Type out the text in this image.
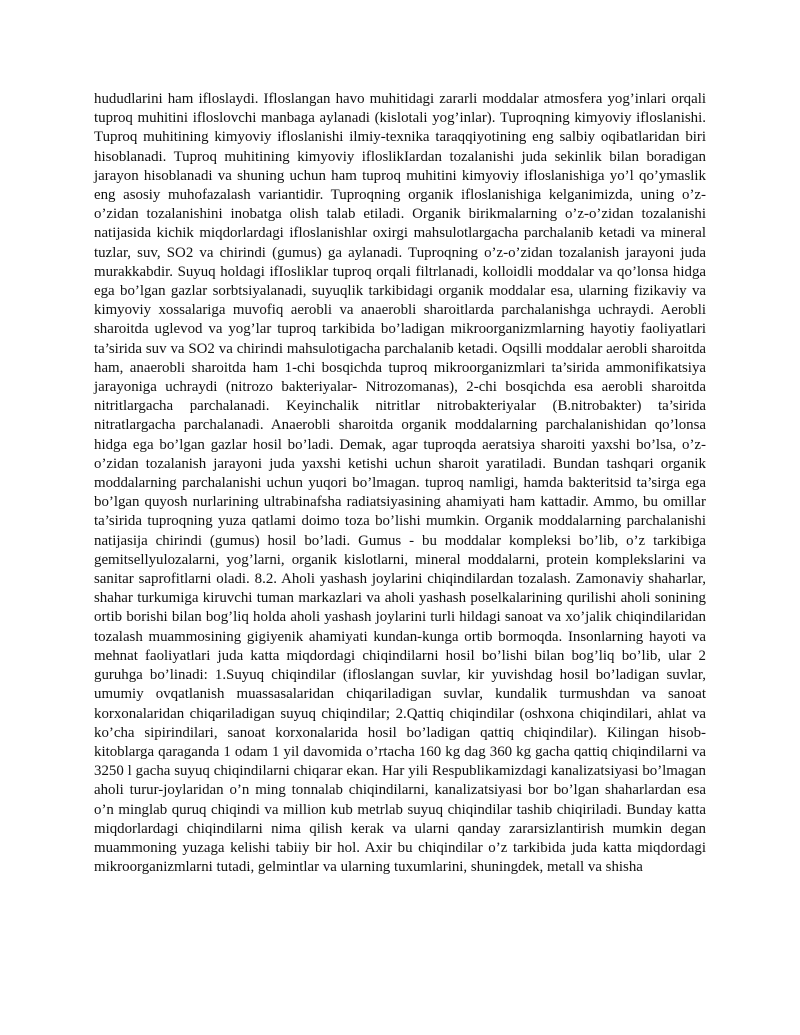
hududlarini ham ifloslaydi. Ifloslangan havo muhitidagi zararli moddalar atmosfera yog’inlari orqali tuproq muhitini ifloslovchi manbaga aylanadi (kislotali yog’inlar). Tuproqning kimyoviy ifloslanishi. Tuproq muhitining kimyoviy ifloslanishi ilmiy-texnika taraqqiyotining eng salbiy oqibatlaridan biri hisoblanadi. Tuproq muhitining kimyoviy ifloslikIardan tozalanishi juda sekinlik bilan boradigan jarayon hisoblanadi va shuning uchun ham tuproq muhitini kimyoviy ifloslanishiga yo’l qo’ymaslik eng asosiy muhofazalash variantidir. Tuproqning organik ifloslanishiga kelganimizda, uning o’z-o’zidan tozalanishini inobatga olish talab etiladi. Organik birikmalarning o’z-o’zidan tozalanishi natijasida kichik miqdorlardagi ifloslanishlar oxirgi mahsulotlargacha parchalanib ketadi va mineral tuzlar, suv, SO2 va chirindi (gumus) ga aylanadi. Tuproqning o’z-o’zidan tozalanish jarayoni juda murakkabdir. Suyuq holdagi ifIosliklar tuproq orqali filtrlanadi, kolloidli moddalar va qo’lonsa hidga ega bo’lgan gazlar sorbtsiyalanadi, suyuqlik tarkibidagi organik moddalar esa, ularning fizikaviy va kimyoviy xossalariga muvofiq aerobli va anaerobli sharoitlarda parchalanishga uchraydi. Aerobli sharoitda uglevod va yog’lar tuproq tarkibida bo’ladigan mikroorganizmlarning hayotiy faoliyatlari ta’sirida suv va SO2 va chirindi mahsulotigacha parchalanib ketadi. Oqsilli moddalar aerobli sharoitda ham, anaerobli sharoitda ham 1-chi bosqichda tuproq mikroorganizmlari ta’sirida ammonifikatsiya jarayoniga uchraydi (nitrozo bakteriyalar- Nitrozomanas), 2-chi bosqichda esa aerobli sharoitda nitritlargacha parchalanadi. Keyinchalik nitritlar nitrobakteriyalar (B.nitrobakter) ta’sirida nitratlargacha parchalanadi. Anaerobli sharoitda organik moddalarning parchalanishidan qo’lonsa hidga ega bo’lgan gazlar hosil bo’ladi. Demak, agar tuproqda aeratsiya sharoiti yaxshi bo’lsa, o’z-o’zidan tozalanish jarayoni juda yaxshi ketishi uchun sharoit yaratiladi. Bundan tashqari organik moddalarning parchalanishi uchun yuqori bo’lmagan. tuproq namligi, hamda bakteritsid ta’sirga ega bo’lgan quyosh nurlarining ultrabinafsha radiatsiyasining ahamiyati ham kattadir. Ammo, bu omillar ta’sirida tuproqning yuza qatlami doimo toza bo’lishi mumkin. Organik moddalarning parchalanishi natijasija chirindi (gumus) hosil bo’ladi. Gumus - bu moddalar kompleksi bo’lib, o’z tarkibiga gemitsellyulozalarni, yog’larni, organik kislotlarni, mineral moddalarni, protein komplekslarini va sanitar saprofitlarni oladi. 8.2. Aholi yashash joylarini chiqindilardan tozalash. Zamonaviy shaharlar, shahar turkumiga kiruvchi tuman markazlari va aholi yashash poselkalarining qurilishi aholi sonining ortib borishi bilan bog’liq holda aholi yashash joylarini turli hildagi sanoat va xo’jalik chiqindilaridan tozalash muammosining gigiyenik ahamiyati kundan-kunga ortib bormoqda. Insonlarning hayoti va mehnat faoliyatlari juda katta miqdordagi chiqindilarni hosil bo’lishi bilan bog’liq bo’lib, ular 2 guruhga bo’linadi: 1.Suyuq chiqindilar (ifloslangan suvlar, kir yuvishdag hosil bo’ladigan suvlar, umumiy ovqatlanish muassasalaridan chiqariladigan suvlar, kundalik turmushdan va sanoat korxonalaridan chiqariladigan suyuq chiqindilar; 2.Qattiq chiqindilar (oshxona chiqindilari, ahlat va ko’cha sipirindilari, sanoat korxonalarida hosil bo’ladigan qattiq chiqindilar). Kilingan hisob-kitoblarga qaraganda 1 odam 1 yil davomida o’rtacha 160 kg dag 360 kg gacha qattiq chiqindilarni va 3250 l gacha suyuq chiqindilarni chiqarar ekan. Har yili Respublikamizdagi kanalizatsiyasi bo’lmagan aholi turur-joylaridan o’n ming tonnalab chiqindilarni, kanalizatsiyasi bor bo’lgan shaharlardan esa o’n minglab quruq chiqindi va million kub metrlab suyuq chiqindilar tashib chiqiriladi. Bunday katta miqdorlardagi chiqindilarni nima qilish kerak va ularni qanday zararsizlantirish mumkin degan muammoning yuzaga kelishi tabiiy bir hol. Axir bu chiqindilar o’z tarkibida juda katta miqdordagi mikroorganizmlarni tutadi, gelmintlar va ularning tuxumlarini, shuningdek, metall va shisha
